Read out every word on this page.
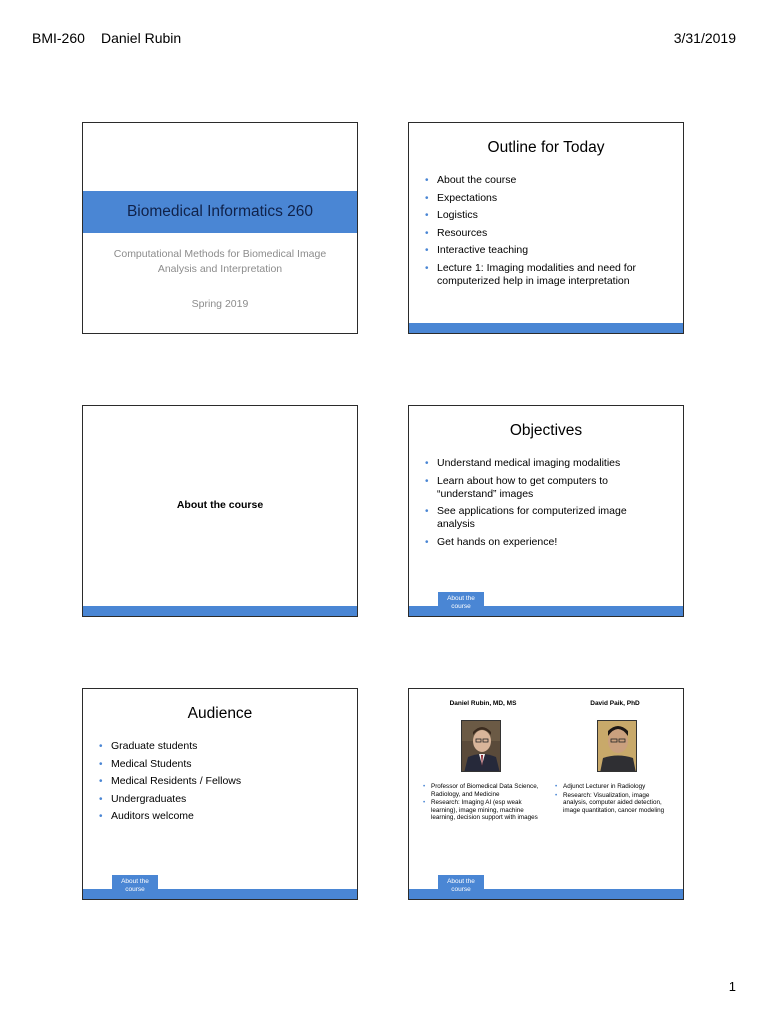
BMI-260 Daniel Rubin	3/31/2019
Biomedical Informatics 260
Computational Methods for Biomedical Image Analysis and Interpretation
Spring 2019
Outline for Today
• About the course
• Expectations
• Logistics
• Resources
• Interactive teaching
• Lecture 1: Imaging modalities and need for computerized help in image interpretation
About the course
Objectives
• Understand medical imaging modalities
• Learn about how to get computers to “understand” images
• See applications for computerized image analysis
• Get hands on experience!
About the course
Audience
• Graduate students
• Medical Students
• Medical Residents / Fellows
• Undergraduates
• Auditors welcome
About the course
Daniel Rubin, MD, MS	David Paik, PhD
• Professor of Biomedical Data Science, Radiology, and Medicine
• Research: Imaging AI (esp weak learning), image mining, machine learning, decision support with images
• Adjunct Lecturer in Radiology
• Research: Visualization, image analysis, computer aided detection, image quantitation, cancer modeling
About the course
1
